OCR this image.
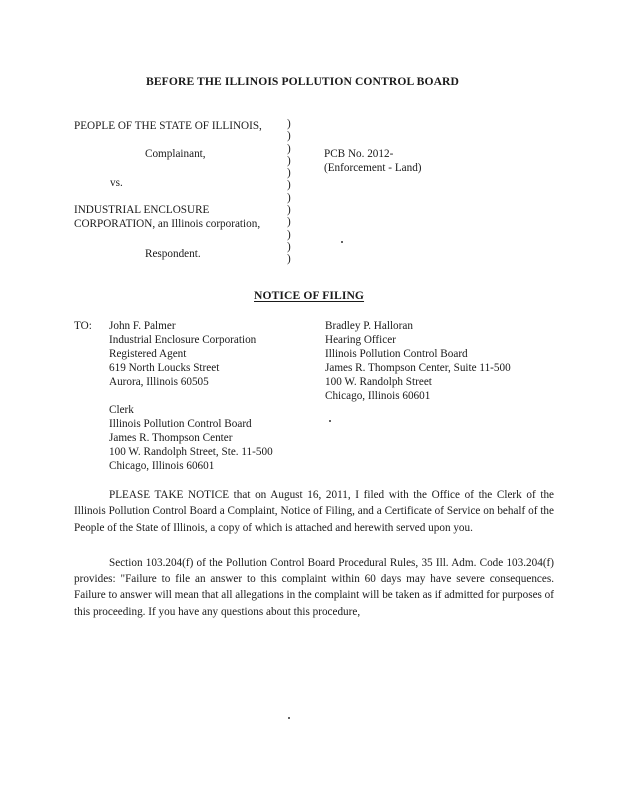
BEFORE THE ILLINOIS POLLUTION CONTROL BOARD
PEOPLE OF THE STATE OF ILLINOIS,
Complainant,
vs.
INDUSTRIAL ENCLOSURE
CORPORATION, an Illinois corporation,
Respondent.
)
)
)
)
)
)
)
)
)
)
)
)
PCB No. 2012-
(Enforcement - Land)
NOTICE OF FILING
TO: John F. Palmer
Industrial Enclosure Corporation
Registered Agent
619 North Loucks Street
Aurora, Illinois 60505
Bradley P. Halloran
Hearing Officer
Illinois Pollution Control Board
James R. Thompson Center, Suite 11-500
100 W. Randolph Street
Chicago, Illinois 60601
Clerk
Illinois Pollution Control Board
James R. Thompson Center
100 W. Randolph Street, Ste. 11-500
Chicago, Illinois 60601
PLEASE TAKE NOTICE that on August 16, 2011, I filed with the Office of the Clerk of the Illinois Pollution Control Board a Complaint, Notice of Filing, and a Certificate of Service on behalf of the People of the State of Illinois, a copy of which is attached and herewith served upon you.
Section 103.204(f) of the Pollution Control Board Procedural Rules, 35 Ill. Adm. Code 103.204(f) provides: "Failure to file an answer to this complaint within 60 days may have severe consequences. Failure to answer will mean that all allegations in the complaint will be taken as if admitted for purposes of this proceeding. If you have any questions about this procedure,
